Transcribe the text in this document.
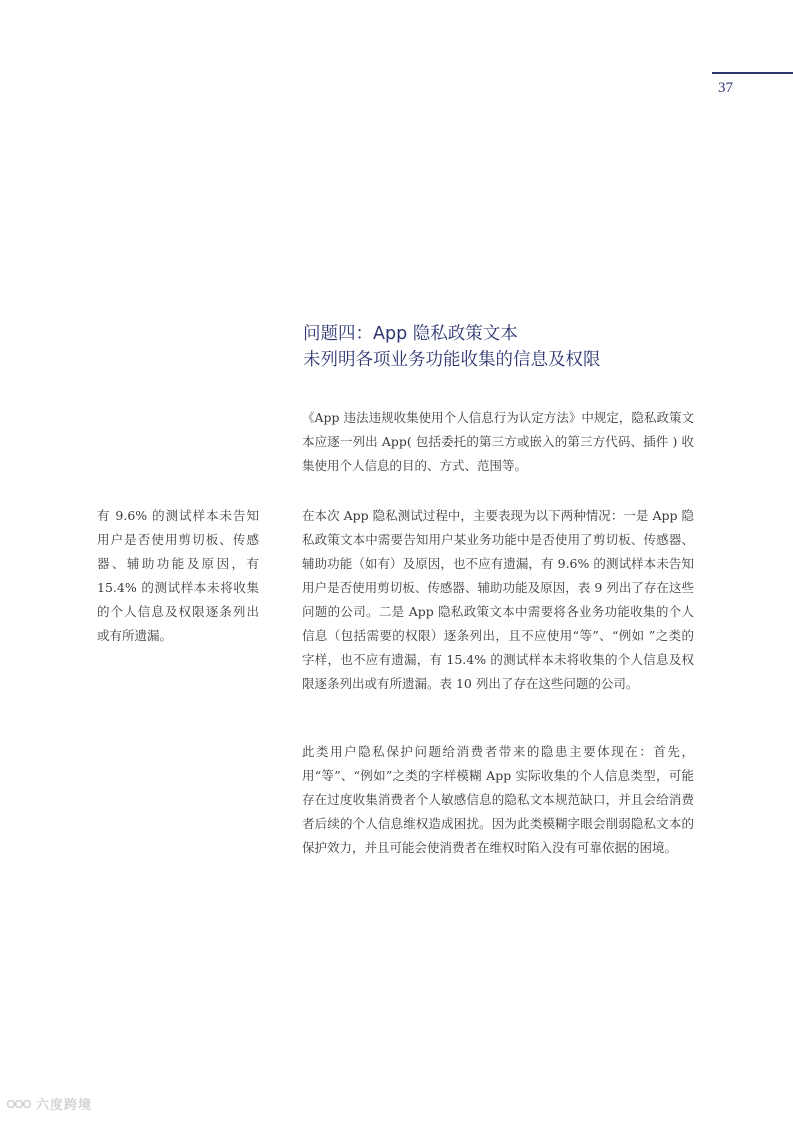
37
问题四：App 隐私政策文本
未列明各项业务功能收集的信息及权限

《App 违法违规收集使用个人信息行为认定方法》中规定，隐私政策文本应逐一列出 App( 包括委托的第三方或嵌入的第三方代码、插件 ) 收集使用个人信息的目的、方式、范围等。

在本次 App 隐私测试过程中，主要表现为以下两种情况：一是 App 隐私政策文本中需要告知用户某业务功能中是否使用了剪切板、传感器、辅助功能（如有）及原因，也不应有遗漏，有 9.6% 的测试样本未告知用户是否使用剪切板、传感器、辅助功能及原因，表 9 列出了存在这些问题的公司。二是 App 隐私政策文本中需要将各业务功能收集的个人信息（包括需要的权限）逐条列出，且不应使用“等”、“例如 ”之类的字样，也不应有遗漏，有 15.4% 的测试样本未将收集的个人信息及权限逐条列出或有所遗漏。表 10 列出了存在这些问题的公司。

此类用户隐私保护问题给消费者带来的隐患主要体现在：首先，用“等”、“例如”之类的字样模糊 App 实际收集的个人信息类型，可能存在过度收集消费者个人敏感信息的隐私文本规范缺口，并且会给消费者后续的个人信息维权造成困扰。因为此类模糊字眼会削弱隐私文本的保护效力，并且可能会使消费者在维权时陷入没有可靠依据的困境。

有 9.6% 的测试样本未告知用户是否使用剪切板、传感器、辅助功能及原因，有 15.4% 的测试样本未将收集的个人信息及权限逐条列出或有所遗漏。

六度跨境
